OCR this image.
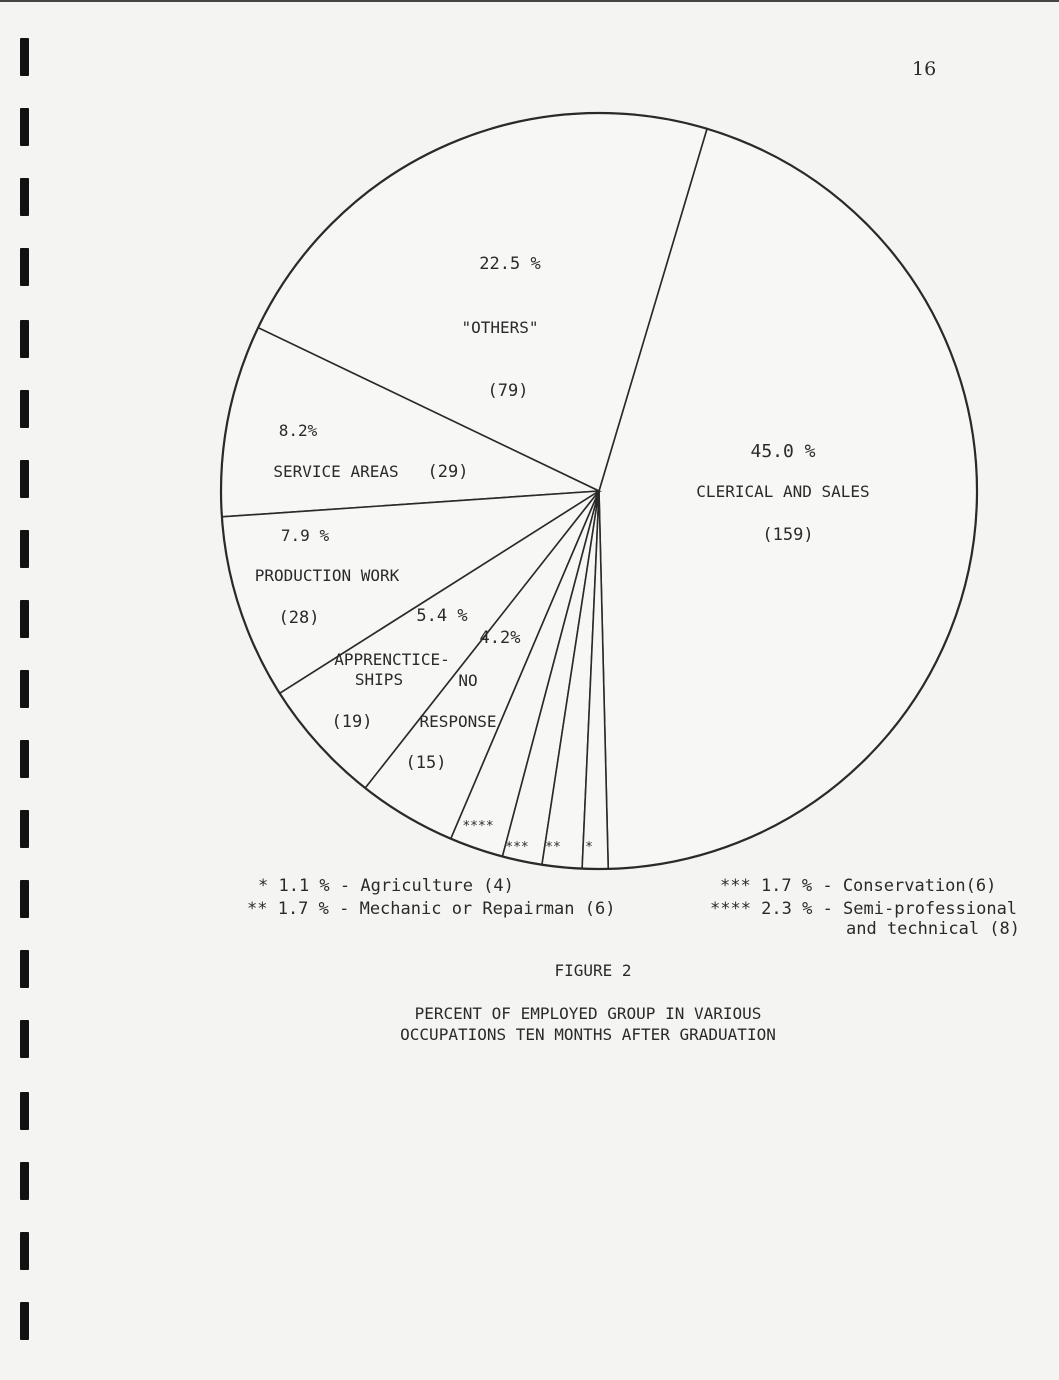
16
45.0 %
CLERICAL AND SALES
(159)
22.5 %
"OTHERS"
(79)
8.2%
SERVICE AREAS (29)
7.9 %
PRODUCTION WORK
(28)	5.4 %
APPRENCTICE-
SHIPS
(19)
4.2%
NO
RESPONSE
(15)
****
*** ** *
* 1.1 % - Agriculture (4)
** 1.7 % - Mechanic or Repairman (6)
*** 1.7 % - Conservation(6)
**** 2.3 % - Semi-professional
and technical (8)
FIGURE 2
PERCENT OF EMPLOYED GROUP IN VARIOUS
OCCUPATIONS TEN MONTHS AFTER GRADUATION
